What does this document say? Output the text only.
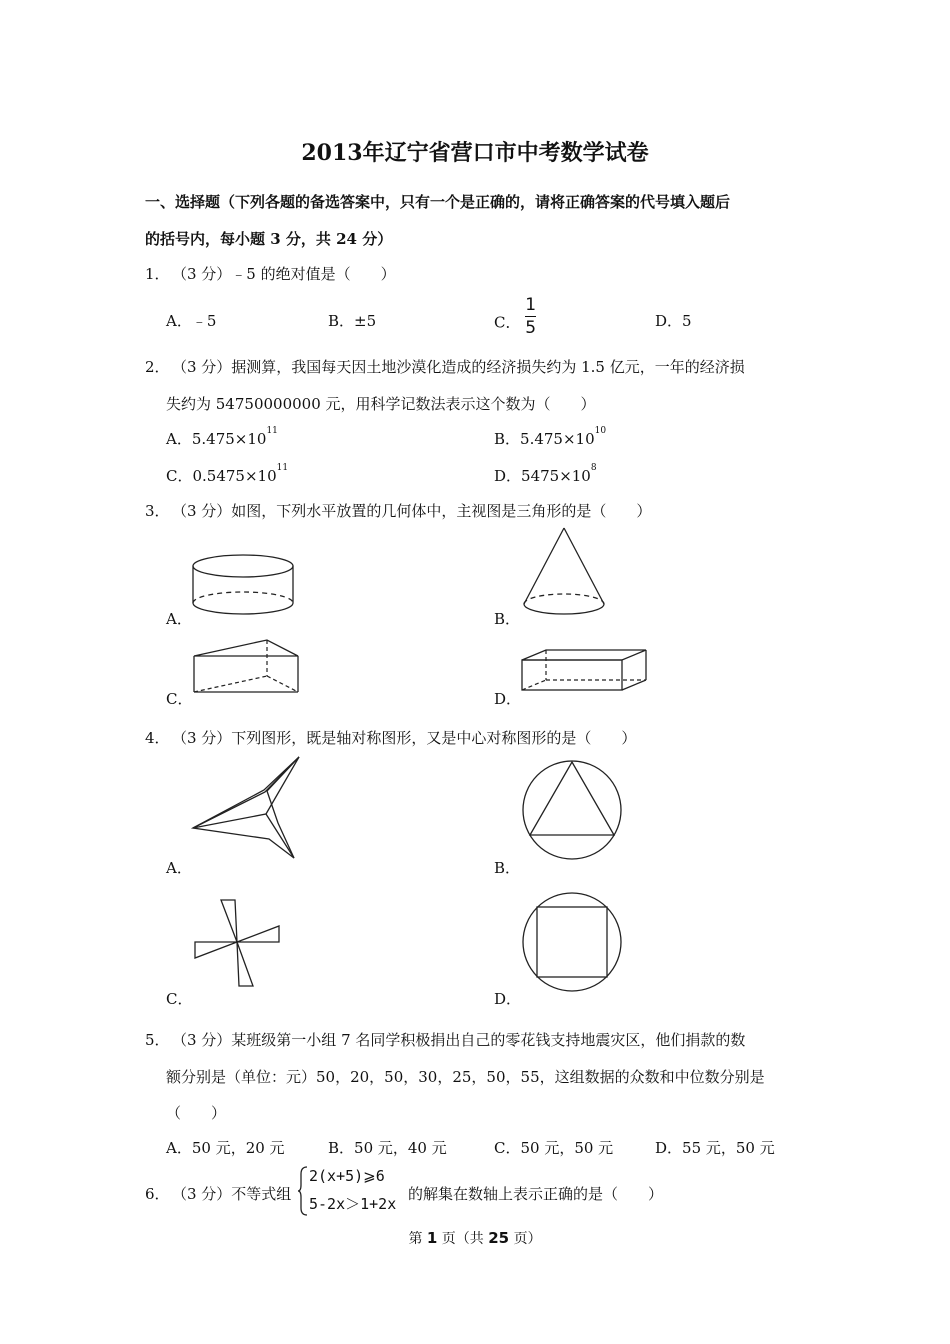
2013年辽宁省营口市中考数学试卷
一、选择题（下列各题的备选答案中，只有一个是正确的，请将正确答案的代号填入题后
的括号内，每小题 3 分，共 24 分）
1． （3 分）﹣5 的绝对值是（　　）
A．﹣5	B．±5	C． $\frac{1}{5}$	D．5
2． （3 分）据测算，我国每天因土地沙漠化造成的经济损失约为 1.5 亿元，一年的经济损
失约为 54750000000 元，用科学记数法表示这个数为（　　）
A．$5.475\times 10^{11}$	B．$5.475\times 10^{10}$
C．$0.5475\times 10^{11}$	D．$5475\times 10^8$
3． （3 分）如图，下列水平放置的几何体中，主视图是三角形的是（　　）
A．	B．
C．	D．
4． （3 分）下列图形，既是轴对称图形，又是中心对称图形的是（　　）
A．	B．
C．	D．
5． （3 分）某班级第一小组 7 名同学积极捐出自己的零花钱支持地震灾区，他们捐款的数
额分别是（单位：元）50，20，50，30，25，50，55，这组数据的众数和中位数分别是
（　　）
A．50 元，20 元	B．50 元，40 元	C．50 元，50 元	D．55 元，50 元
6． （3 分）不等式组
2(x+5)⩾6
5-2x＞1+2x
的解集在数轴上表示正确的是（　　）
第 1 页（共 25 页）
